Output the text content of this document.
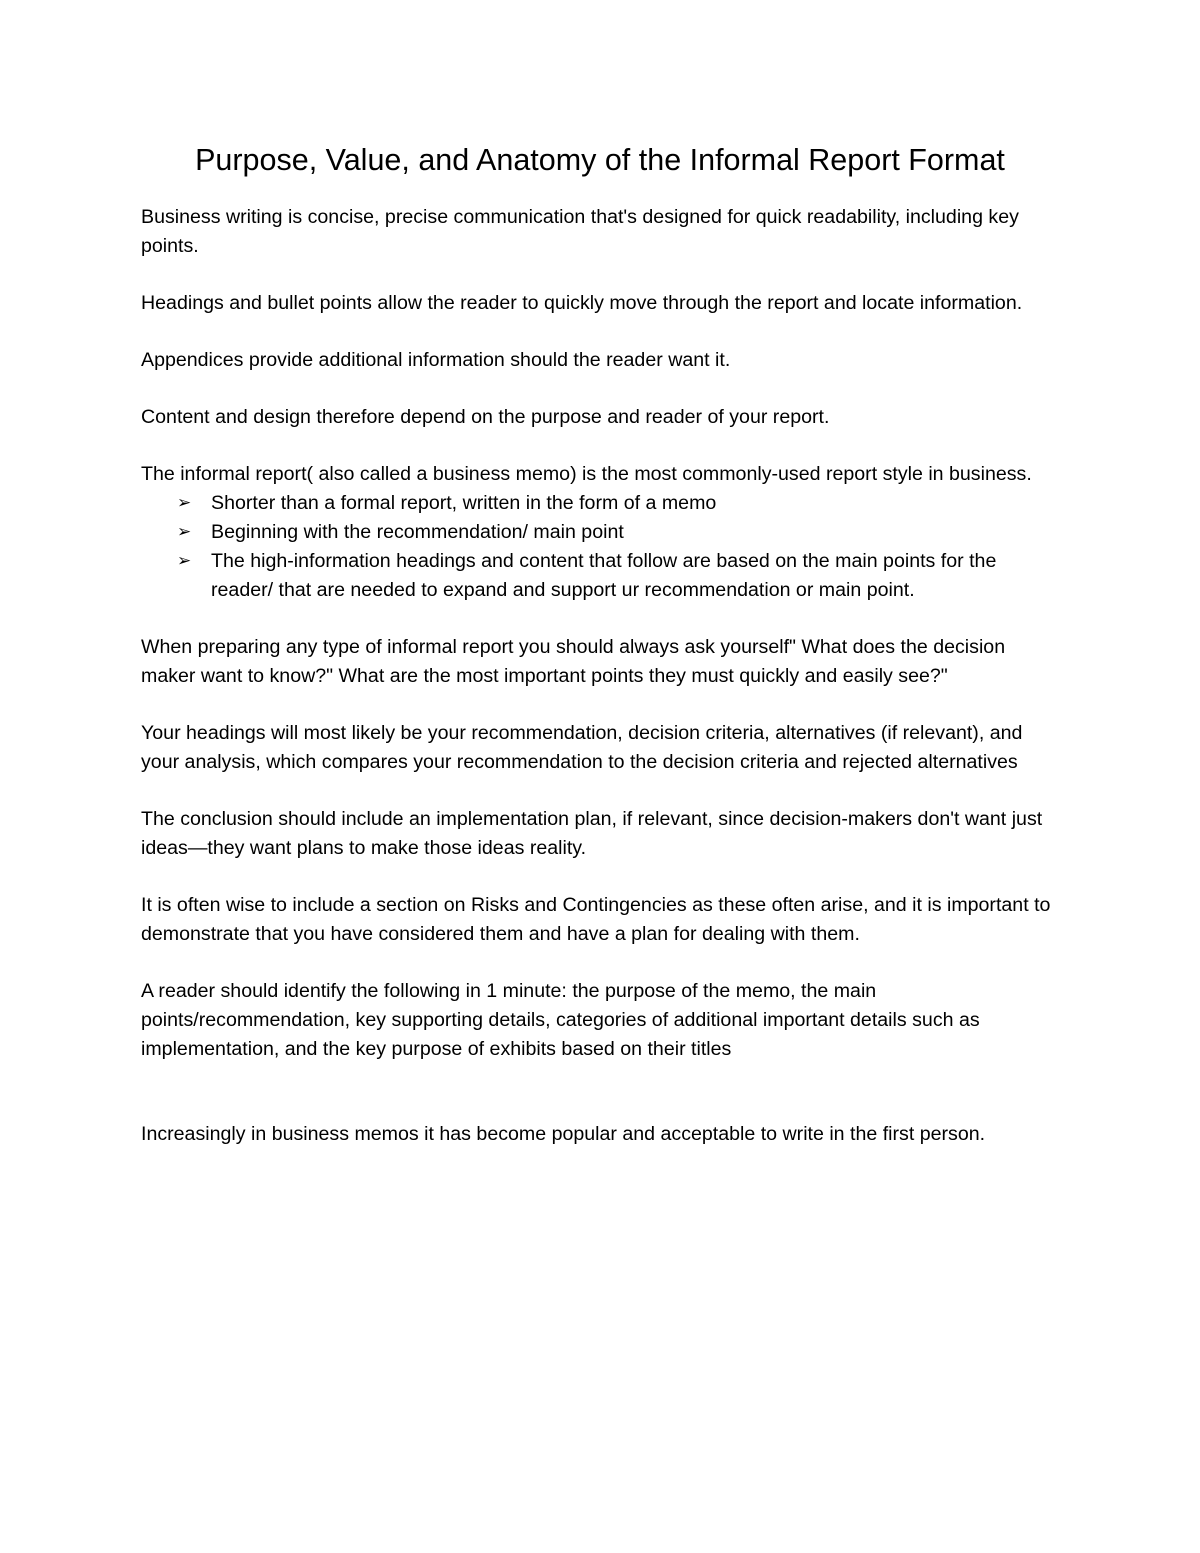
Purpose, Value, and Anatomy of the Informal Report Format

Business writing is concise, precise communication that's designed for quick readability, including key points.

Headings and bullet points allow the reader to quickly move through the report and locate information.

Appendices provide additional information should the reader want it.

Content and design therefore depend on the purpose and reader of your report.

The informal report( also called a business memo) is the most commonly-used report style in business.

➢ Shorter than a formal report, written in the form of a memo
➢ Beginning with the recommendation/ main point
➢ The high-information headings and content that follow are based on the main points for the reader/ that are needed to expand and support ur recommendation or main point.

When preparing any type of informal report you should always ask yourself" What does the decision maker want to know?" What are the most important points they must quickly and easily see?"

Your headings will most likely be your recommendation, decision criteria, alternatives (if relevant), and your analysis, which compares your recommendation to the decision criteria and rejected alternatives

The conclusion should include an implementation plan, if relevant, since decision-makers don't want just ideas—they want plans to make those ideas reality.

It is often wise to include a section on Risks and Contingencies as these often arise, and it is important to demonstrate that you have considered them and have a plan for dealing with them.

A reader should identify the following in 1 minute: the purpose of the memo, the main points/recommendation, key supporting details, categories of additional important details such as implementation, and the key purpose of exhibits based on their titles

Increasingly in business memos it has become popular and acceptable to write in the first person.
